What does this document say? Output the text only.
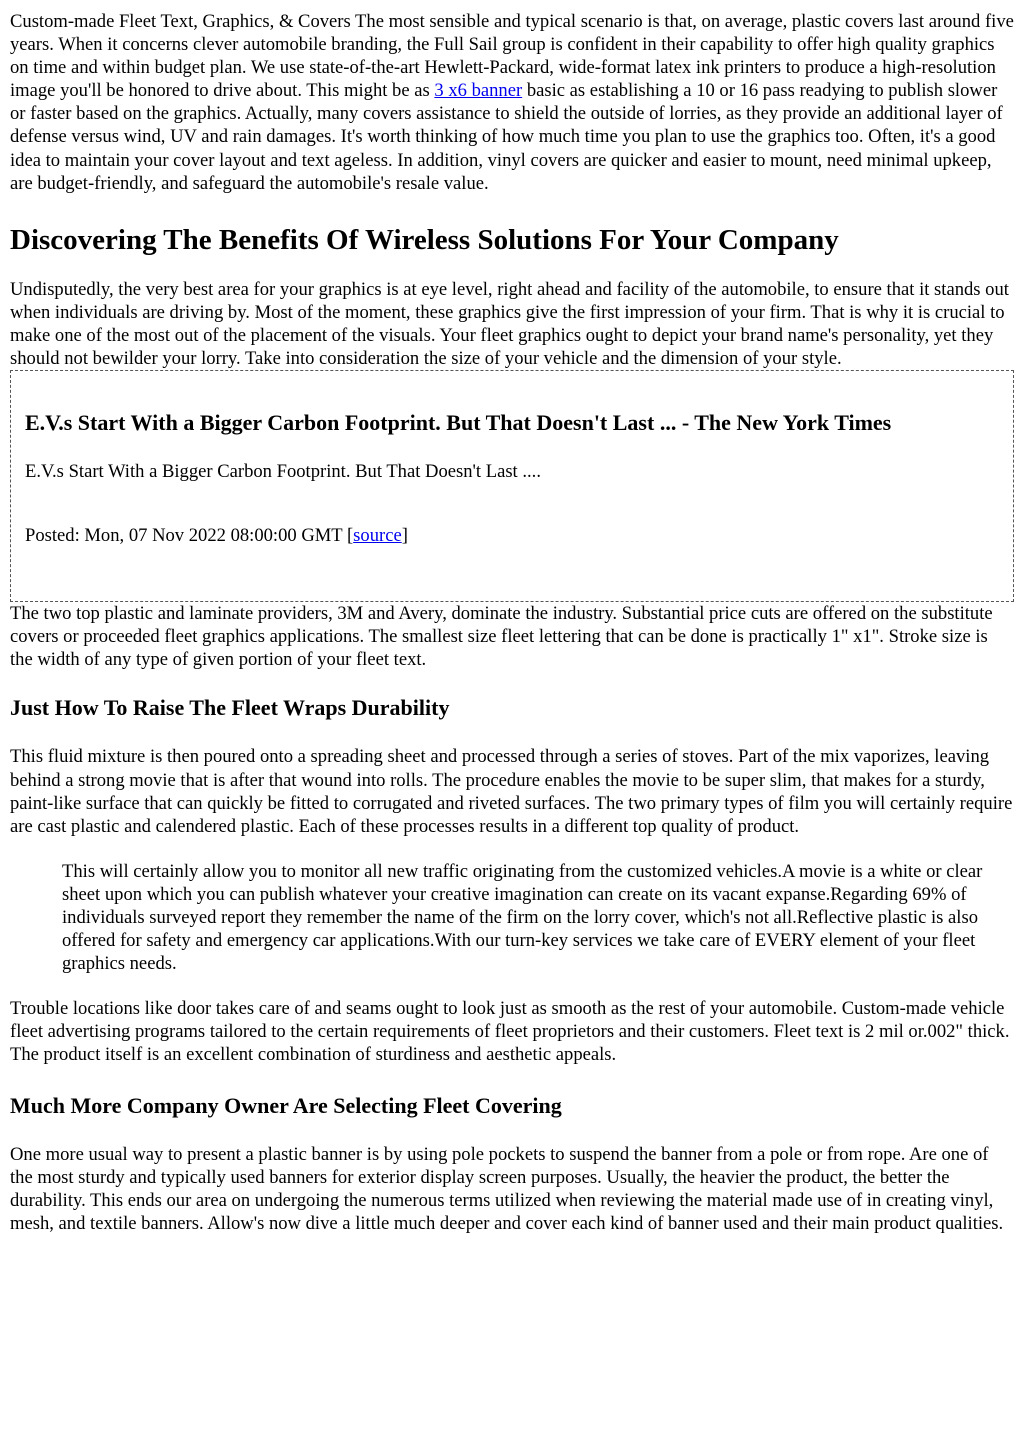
Custom-made Fleet Text, Graphics, & Covers The most sensible and typical scenario is that, on average, plastic covers last around five years. When it concerns clever automobile branding, the Full Sail group is confident in their capability to offer high quality graphics on time and within budget plan. We use state-of-the-art Hewlett-Packard, wide-format latex ink printers to produce a high-resolution image you'll be honored to drive about. This might be as 3 x6 banner basic as establishing a 10 or 16 pass readying to publish slower or faster based on the graphics. Actually, many covers assistance to shield the outside of lorries, as they provide an additional layer of defense versus wind, UV and rain damages. It's worth thinking of how much time you plan to use the graphics too. Often, it's a good idea to maintain your cover layout and text ageless. In addition, vinyl covers are quicker and easier to mount, need minimal upkeep, are budget-friendly, and safeguard the automobile's resale value.

Discovering The Benefits Of Wireless Solutions For Your Company

Undisputedly, the very best area for your graphics is at eye level, right ahead and facility of the automobile, to ensure that it stands out when individuals are driving by. Most of the moment, these graphics give the first impression of your firm. That is why it is crucial to make one of the most out of the placement of the visuals. Your fleet graphics ought to depict your brand name's personality, yet they should not bewilder your lorry. Take into consideration the size of your vehicle and the dimension of your style.

E.V.s Start With a Bigger Carbon Footprint. But That Doesn't Last ... - The New York Times

E.V.s Start With a Bigger Carbon Footprint. But That Doesn't Last ....

Posted: Mon, 07 Nov 2022 08:00:00 GMT [source]

The two top plastic and laminate providers, 3M and Avery, dominate the industry. Substantial price cuts are offered on the substitute covers or proceeded fleet graphics applications. The smallest size fleet lettering that can be done is practically 1" x1". Stroke size is the width of any type of given portion of your fleet text.

Just How To Raise The Fleet Wraps Durability

This fluid mixture is then poured onto a spreading sheet and processed through a series of stoves. Part of the mix vaporizes, leaving behind a strong movie that is after that wound into rolls. The procedure enables the movie to be super slim, that makes for a sturdy, paint-like surface that can quickly be fitted to corrugated and riveted surfaces. The two primary types of film you will certainly require are cast plastic and calendered plastic. Each of these processes results in a different top quality of product.

This will certainly allow you to monitor all new traffic originating from the customized vehicles.A movie is a white or clear sheet upon which you can publish whatever your creative imagination can create on its vacant expanse.Regarding 69% of individuals surveyed report they remember the name of the firm on the lorry cover, which's not all.Reflective plastic is also offered for safety and emergency car applications.With our turn-key services we take care of EVERY element of your fleet graphics needs.

Trouble locations like door takes care of and seams ought to look just as smooth as the rest of your automobile. Custom-made vehicle fleet advertising programs tailored to the certain requirements of fleet proprietors and their customers. Fleet text is 2 mil or.002" thick. The product itself is an excellent combination of sturdiness and aesthetic appeals.

Much More Company Owner Are Selecting Fleet Covering

One more usual way to present a plastic banner is by using pole pockets to suspend the banner from a pole or from rope. Are one of the most sturdy and typically used banners for exterior display screen purposes. Usually, the heavier the product, the better the durability. This ends our area on undergoing the numerous terms utilized when reviewing the material made use of in creating vinyl, mesh, and textile banners. Allow's now dive a little much deeper and cover each kind of banner used and their main product qualities.
